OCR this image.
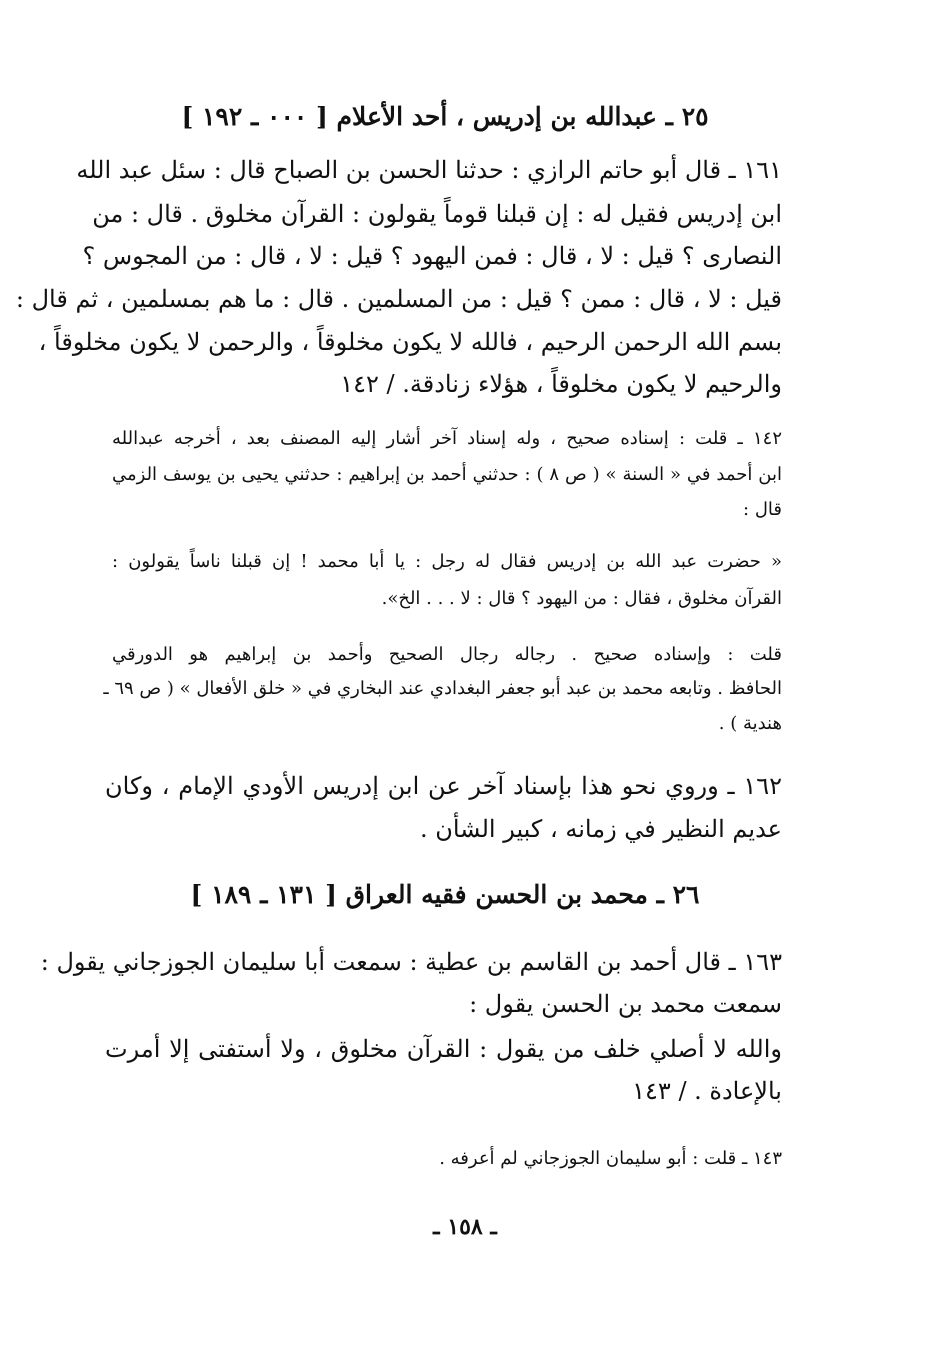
٢٥ ـ عبدالله بن إدريس ، أحد الأعلام [ ٠٠٠ ـ ١٩٢ ]
١٦١ ـ قال أبو حاتم الرازي : حدثنا الحسن بن الصباح قال : سئل عبد الله
ابن إدريس فقيل له : إن قبلنا قوماً يقولون : القرآن مخلوق . قال : من
النصارى ؟ قيل : لا ، قال : فمن اليهود ؟ قيل : لا ، قال : من المجوس ؟
قيل : لا ، قال : ممن ؟ قيل : من المسلمين . قال : ما هم بمسلمين ، ثم قال :
بسم الله الرحمن الرحيم ، فالله لا يكون مخلوقاً ، والرحمن لا يكون مخلوقاً ،
والرحيم لا يكون مخلوقاً ، هؤلاء زنادقة. / ١٤٢
١٤٢ ـ قلت : إسناده صحيح ، وله إسناد آخر أشار إليه المصنف بعد ، أخرجه عبدالله
ابن أحمد في « السنة » ( ص ٨ ) : حدثني أحمد بن إبراهيم : حدثني يحيى بن يوسف الزمي
قال :
« حضرت عبد الله بن إدريس فقال له رجل : يا أبا محمد ! إن قبلنا ناساً يقولون :
القرآن مخلوق ، فقال : من اليهود ؟ قال : لا . . . الخ».
قلت : وإسناده صحيح . رجاله رجال الصحيح وأحمد بن إبراهيم هو الدورقي
الحافظ . وتابعه محمد بن عبد أبو جعفر البغدادي عند البخاري في « خلق الأفعال » ( ص ٦٩ ـ
هندية ) .
١٦٢ ـ وروي نحو هذا بإسناد آخر عن ابن إدريس الأودي الإمام ، وكان
عديم النظير في زمانه ، كبير الشأن .
٢٦ ـ محمد بن الحسن فقيه العراق [ ١٣١ ـ ١٨٩ ]
١٦٣ ـ قال أحمد بن القاسم بن عطية : سمعت أبا سليمان الجوزجاني يقول :
سمعت محمد بن الحسن يقول :
والله لا أصلي خلف من يقول : القرآن مخلوق ، ولا أستفتى إلا أمرت
بالإعادة . / ١٤٣
١٤٣ ـ قلت : أبو سليمان الجوزجاني لم أعرفه .
ـ ١٥٨ ـ
